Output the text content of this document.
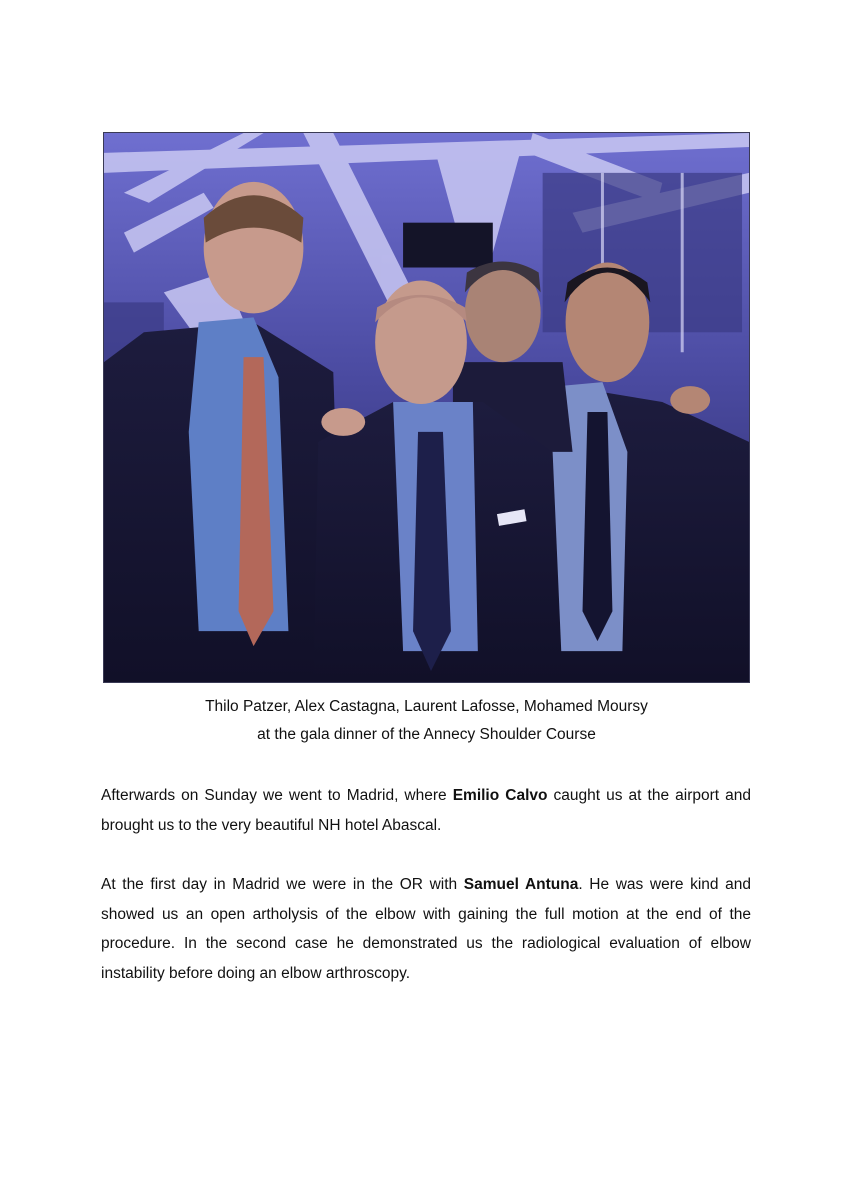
Thilo Patzer, Alex Castagna, Laurent Lafosse, Mohamed Moursy
at the gala dinner of the Annecy Shoulder Course

Afterwards on Sunday we went to Madrid, where Emilio Calvo caught us at the airport and brought us to the very beautiful NH hotel Abascal.

At the first day in Madrid we were in the OR with Samuel Antuna. He was were kind and showed us an open artholysis of the elbow with gaining the full motion at the end of the procedure. In the second case he demonstrated us the radiological evaluation of elbow instability before doing an elbow arthroscopy.
